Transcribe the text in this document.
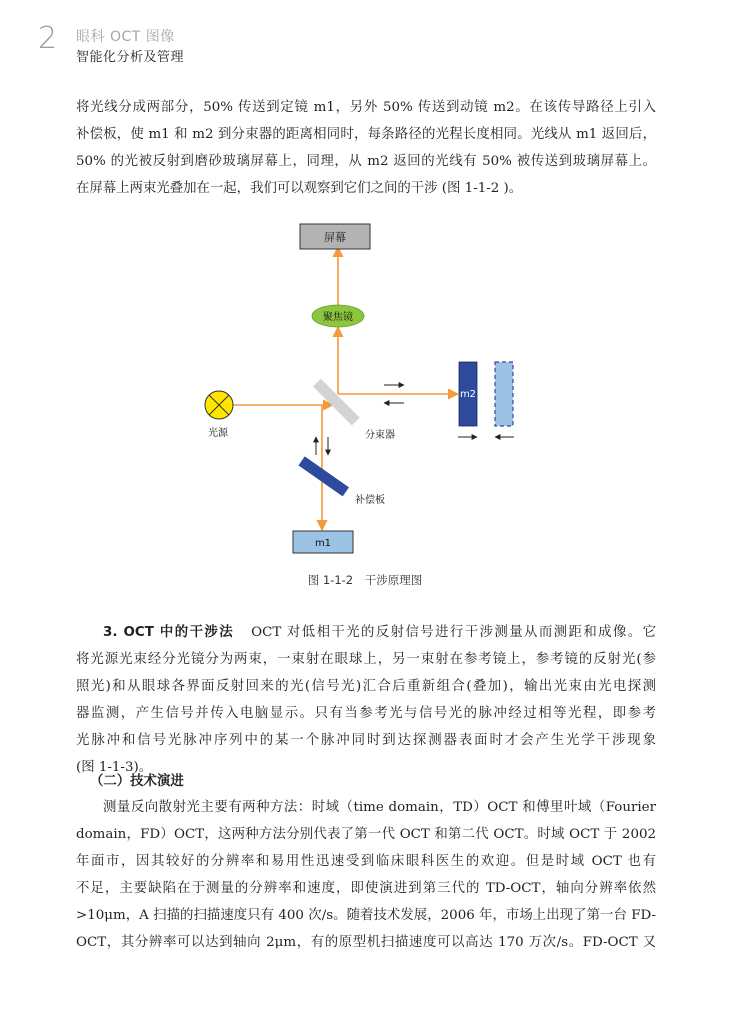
2 眼科 OCT 图像
智能化分析及管理
将光线分成两部分，50% 传送到定镜 m1，另外 50% 传送到动镜 m2。在该传导路径上引入
补偿板，使 m1 和 m2 到分束器的距离相同时，每条路径的光程长度相同。光线从 m1 返回后，
50% 的光被反射到磨砂玻璃屏幕上，同理，从 m2 返回的光线有 50% 被传送到玻璃屏幕上。
在屏幕上两束光叠加在一起，我们可以观察到它们之间的干涉 (图 1-1-2 )。
屏幕
聚焦镜
光源	分束器
补偿板
m1
m2
图 1-1-2 干涉原理图
3. OCT 中的干涉法 OCT 对低相干光的反射信号进行干涉测量从而测距和成像。它
将光源光束经分光镜分为两束，一束射在眼球上，另一束射在参考镜上，参考镜的反射光(参
照光)和从眼球各界面反射回来的光(信号光)汇合后重新组合(叠加)，输出光束由光电探测
器监测，产生信号并传入电脑显示。只有当参考光与信号光的脉冲经过相等光程，即参考
光脉冲和信号光脉冲序列中的某一个脉冲同时到达探测器表面时才会产生光学干涉现象
(图 1-1-3)。
（二）技术演进
测量反向散射光主要有两种方法：时域（time domain，TD）OCT 和傅里叶域（Fourier
domain，FD）OCT，这两种方法分别代表了第一代 OCT 和第二代 OCT。时域 OCT 于 2002
年面市，因其较好的分辨率和易用性迅速受到临床眼科医生的欢迎。但是时域 OCT 也有
不足，主要缺陷在于测量的分辨率和速度，即使演进到第三代的 TD-OCT，轴向分辨率依然
>10μm，A 扫描的扫描速度只有 400 次/s。随着技术发展，2006 年，市场上出现了第一台 FD-
OCT，其分辨率可以达到轴向 2μm，有的原型机扫描速度可以高达 170 万次/s。FD-OCT 又
